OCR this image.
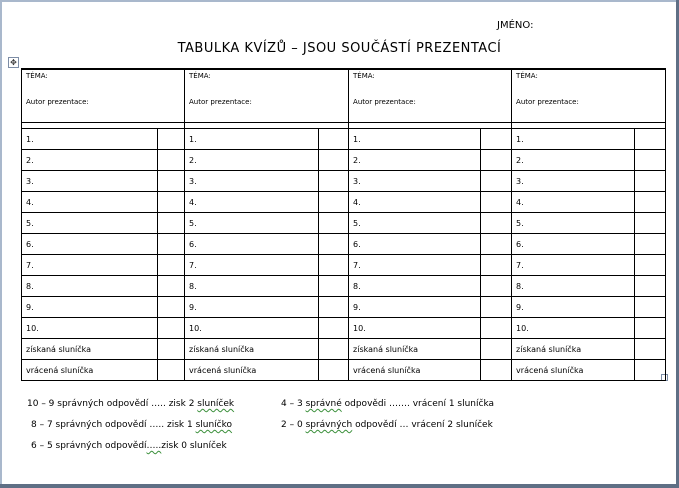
JMÉNO:
TABULKA KVÍZŮ – JSOU SOUČÁSTÍ PREZENTACÍ
✥
TÉMA:		TÉMA:		TÉMA:		TÉMA:	
Autor prezentace:		Autor prezentace:		Autor prezentace:		Autor prezentace:	

1.		1.		1.		1.	
2.		2.		2.		2.	
3.		3.		3.		3.	
4.		4.		4.		4.	
5.		5.		5.		5.	
6.		6.		6.		6.	
7.		7.		7.		7.	
8.		8.		8.		8.	
9.		9.		9.		9.	
10.		10.		10.		10.	
získaná sluníčka		získaná sluníčka		získaná sluníčka		získaná sluníčka	
vrácená sluníčka		vrácená sluníčka		vrácená sluníčka		vrácená sluníčka	
10 – 9 správných odpovědí ….. zisk 2 sluníček	4 – 3 správné odpovědi ……. vrácení 1 sluníčka
8 – 7 správných odpovědí ….. zisk 1 sluníčko	2 – 0 správných odpovědí … vrácení 2 sluníček
6 – 5 správných odpovědí…..zisk 0 sluníček
